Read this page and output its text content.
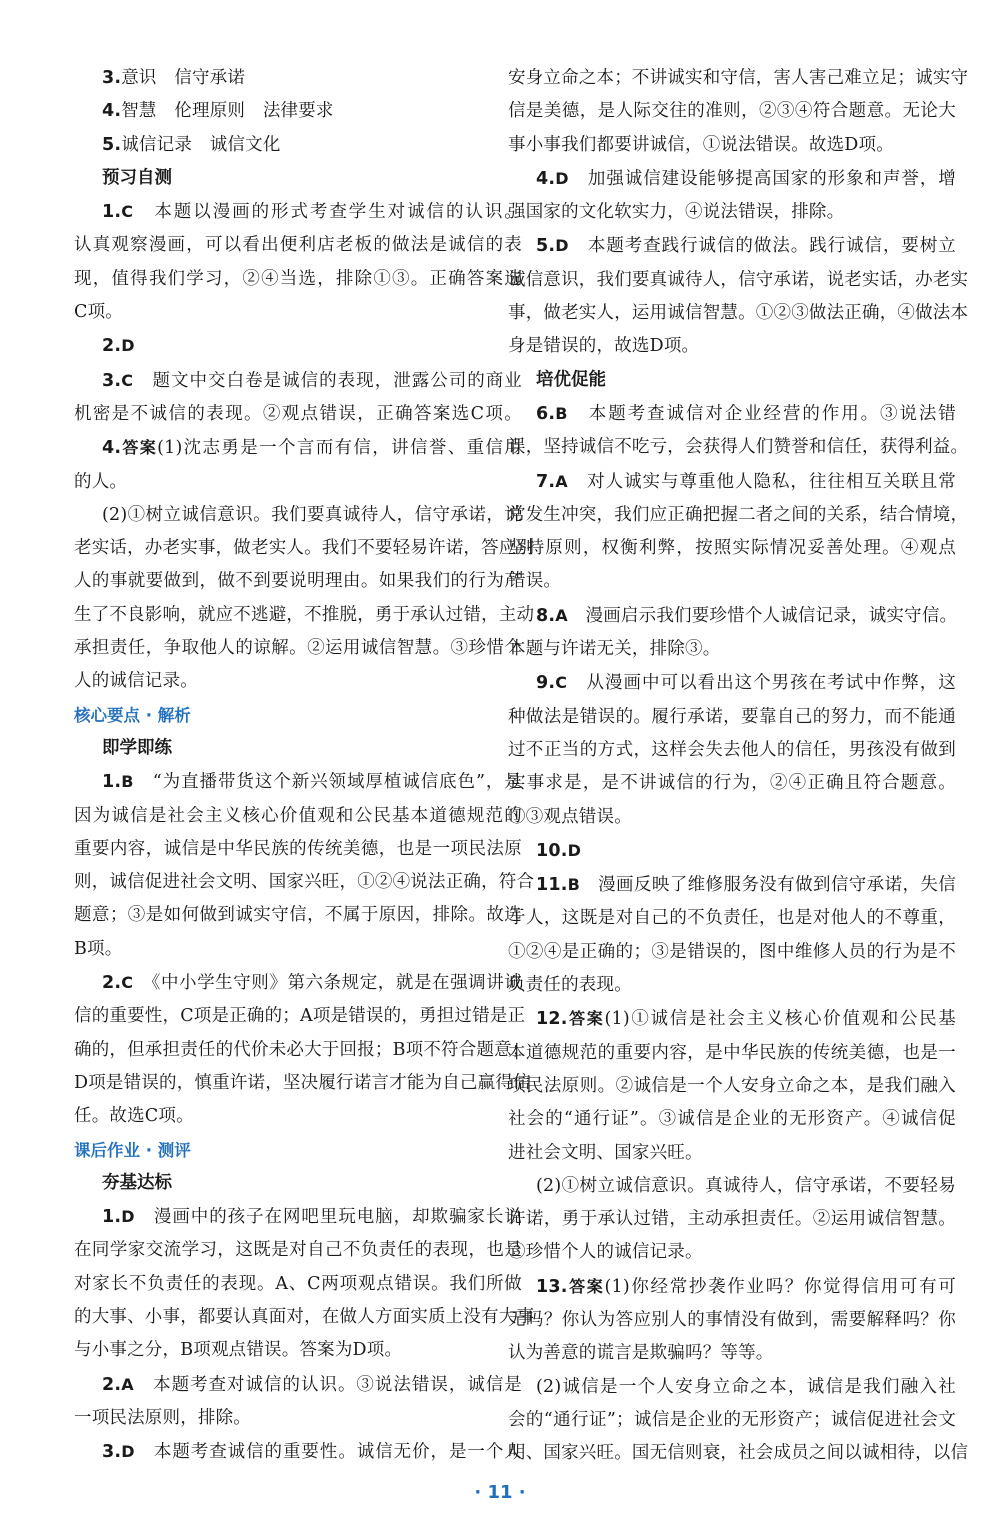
3.意识　信守承诺

4.智慧　伦理原则　法律要求

5.诚信记录　诚信文化

预习自测

1.C　本题以漫画的形式考查学生对诚信的认识。

认真观察漫画，可以看出便利店老板的做法是诚信的表

现，值得我们学习，②④当选，排除①③。正确答案选

C项。

2.D

3.C　题文中交白卷是诚信的表现，泄露公司的商业

机密是不诚信的表现。②观点错误，正确答案选C项。

4.答案(1)沈志勇是一个言而有信，讲信誉、重信用

的人。

(2)①树立诚信意识。我们要真诚待人，信守承诺，说

老实话，办老实事，做老实人。我们不要轻易许诺，答应别

人的事就要做到，做不到要说明理由。如果我们的行为产

生了不良影响，就应不逃避，不推脱，勇于承认过错，主动

承担责任，争取他人的谅解。②运用诚信智慧。③珍惜个

人的诚信记录。

核心要点 · 解析

即学即练

1.B　“为直播带货这个新兴领域厚植诚信底色”，是

因为诚信是社会主义核心价值观和公民基本道德规范的

重要内容，诚信是中华民族的传统美德，也是一项民法原

则，诚信促进社会文明、国家兴旺，①②④说法正确，符合

题意；③是如何做到诚实守信，不属于原因，排除。故选

B项。

2.C　《中小学生守则》第六条规定，就是在强调讲诚

信的重要性，C项是正确的；A项是错误的，勇担过错是正

确的，但承担责任的代价未必大于回报；B项不符合题意；

D项是错误的，慎重许诺，坚决履行诺言才能为自己赢得信

任。故选C项。

课后作业 · 测评

夯基达标

1.D　漫画中的孩子在网吧里玩电脑，却欺骗家长说

在同学家交流学习，这既是对自己不负责任的表现，也是

对家长不负责任的表现。A、C两项观点错误。我们所做

的大事、小事，都要认真面对，在做人方面实质上没有大事

与小事之分，B项观点错误。答案为D项。

2.A　本题考查对诚信的认识。③说法错误，诚信是

一项民法原则，排除。

3.D　本题考查诚信的重要性。诚信无价，是一个人

安身立命之本；不讲诚实和守信，害人害己难立足；诚实守

信是美德，是人际交往的准则，②③④符合题意。无论大

事小事我们都要讲诚信，①说法错误。故选D项。

4.D　加强诚信建设能够提高国家的形象和声誉，增

强国家的文化软实力，④说法错误，排除。

5.D　本题考查践行诚信的做法。践行诚信，要树立

诚信意识，我们要真诚待人，信守承诺，说老实话，办老实

事，做老实人，运用诚信智慧。①②③做法正确，④做法本

身是错误的，故选D项。

培优促能

6.B　本题考查诚信对企业经营的作用。③说法错

误，坚持诚信不吃亏，会获得人们赞誉和信任，获得利益。

7.A　对人诚实与尊重他人隐私，往往相互关联且常

常发生冲突，我们应正确把握二者之间的关系，结合情境，

坚持原则，权衡利弊，按照实际情况妥善处理。④观点

错误。

8.A　漫画启示我们要珍惜个人诚信记录，诚实守信。

本题与许诺无关，排除③。

9.C　从漫画中可以看出这个男孩在考试中作弊，这

种做法是错误的。履行承诺，要靠自己的努力，而不能通

过不正当的方式，这样会失去他人的信任，男孩没有做到

实事求是，是不讲诚信的行为，②④正确且符合题意。

①③观点错误。

10.D

11.B　漫画反映了维修服务没有做到信守承诺，失信

于人，这既是对自己的不负责任，也是对他人的不尊重，

①②④是正确的；③是错误的，图中维修人员的行为是不

负责任的表现。

12.答案(1)①诚信是社会主义核心价值观和公民基

本道德规范的重要内容，是中华民族的传统美德，也是一

项民法原则。②诚信是一个人安身立命之本，是我们融入

社会的“通行证”。③诚信是企业的无形资产。④诚信促

进社会文明、国家兴旺。

(2)①树立诚信意识。真诚待人，信守承诺，不要轻易

许诺，勇于承认过错，主动承担责任。②运用诚信智慧。

③珍惜个人的诚信记录。

13.答案(1)你经常抄袭作业吗？你觉得信用可有可

无吗？你认为答应别人的事情没有做到，需要解释吗？你

认为善意的谎言是欺骗吗？等等。

(2)诚信是一个人安身立命之本，诚信是我们融入社

会的“通行证”；诚信是企业的无形资产；诚信促进社会文

明、国家兴旺。国无信则衰，社会成员之间以诚相待，以信

· 11 ·
